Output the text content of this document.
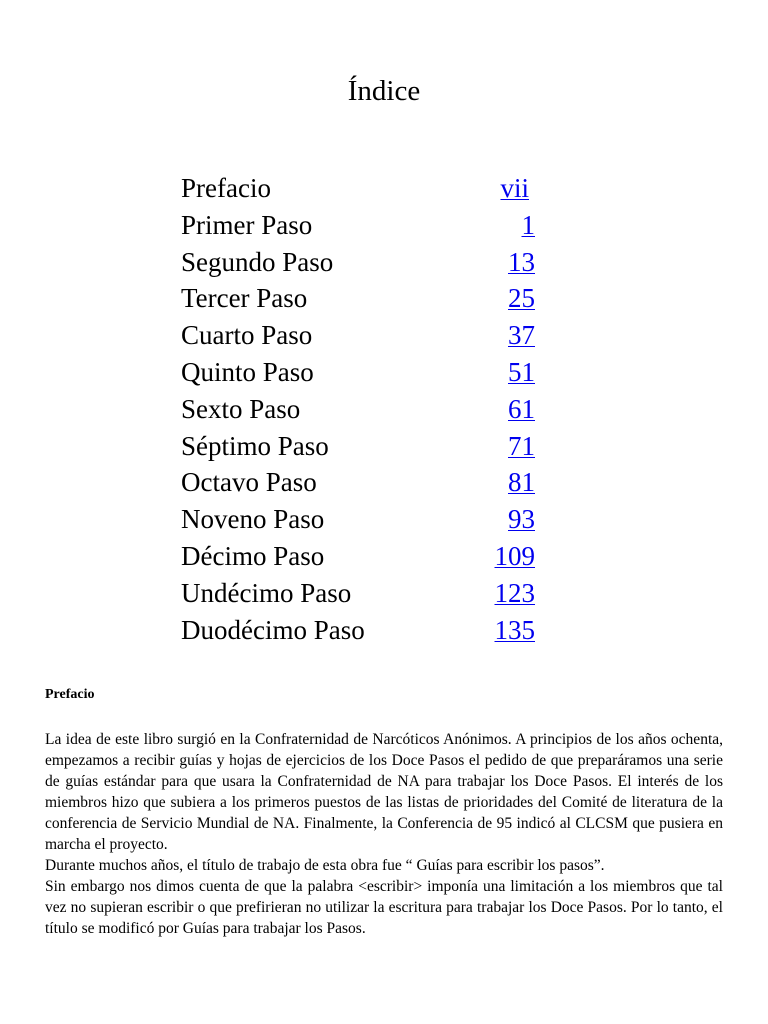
Índice
Prefacio	vii
Primer Paso	1
Segundo Paso	13
Tercer Paso	25
Cuarto Paso	37
Quinto Paso	51
Sexto Paso	61
Séptimo Paso	71
Octavo Paso	81
Noveno Paso	93
Décimo Paso	109
Undécimo Paso	123
Duodécimo Paso	135
Prefacio

La idea de este libro surgió en la Confraternidad de Narcóticos Anónimos. A principios de los años ochenta, empezamos a recibir guías y hojas de ejercicios de los Doce Pasos el pedido de que preparáramos una serie de guías estándar para que usara la Confraternidad de NA para trabajar los Doce Pasos. El interés de los miembros hizo que subiera a los primeros puestos de las listas de prioridades del Comité de literatura de la conferencia de Servicio Mundial de NA. Finalmente, la Conferencia de 95 indicó al CLCSM que pusiera en marcha el proyecto.

Durante muchos años, el título de trabajo de esta obra fue “ Guías para escribir los pasos”.

Sin embargo nos dimos cuenta de que la palabra <escribir> imponía una limitación a los miembros que tal vez no supieran escribir o que prefirieran no utilizar la escritura para trabajar los Doce Pasos. Por lo tanto, el título se modificó por Guías para trabajar los Pasos.
